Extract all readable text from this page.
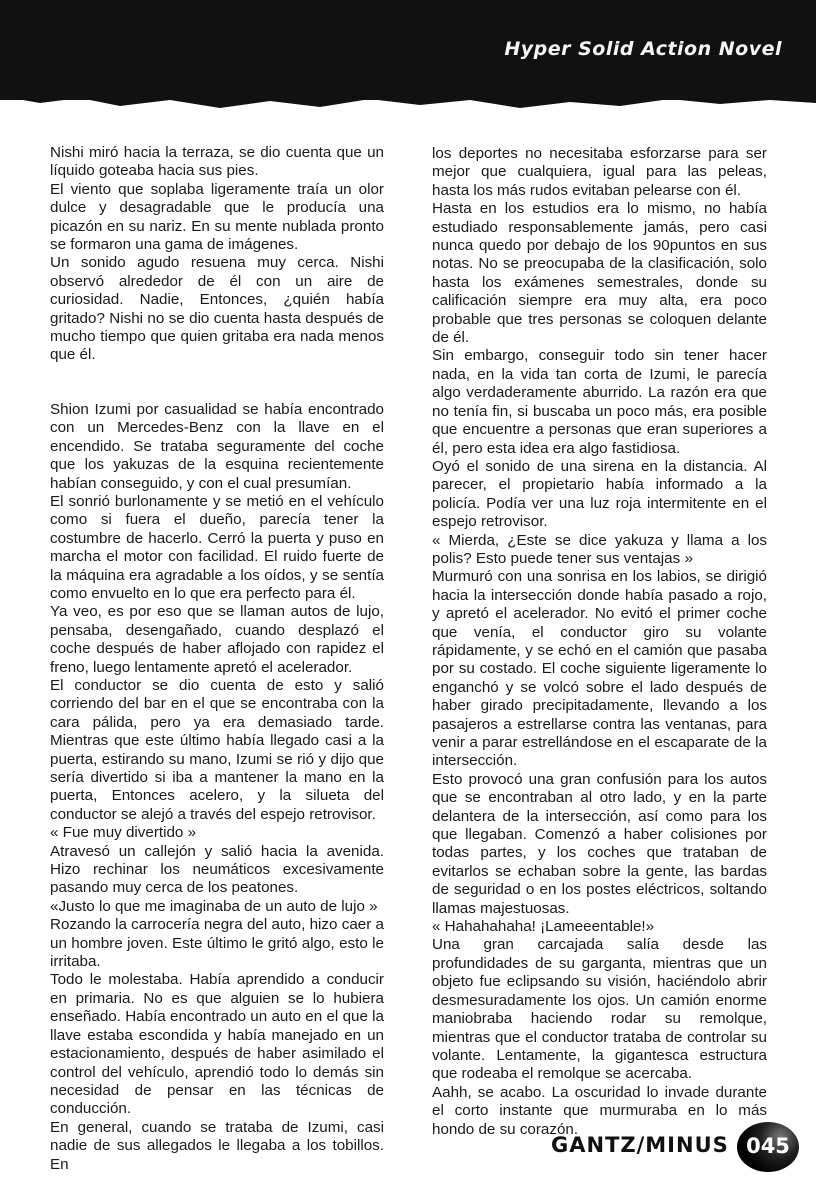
Hyper Solid Action Novel

Nishi miró hacia la terraza, se dio cuenta que un líquido goteaba hacia sus pies.

El viento que soplaba ligeramente traía un olor dulce y desagradable que le producía una picazón en su nariz. En su mente nublada pronto se formaron una gama de imágenes.

Un sonido agudo resuena muy cerca. Nishi observó alrededor de él con un aire de curiosidad. Nadie, Entonces, ¿quién había gritado? Nishi no se dio cuenta hasta después de mucho tiempo que quien gritaba era nada menos que él.

Shion Izumi por casualidad se había encontrado con un Mercedes-Benz con la llave en el encendido. Se trataba seguramente del coche que los yakuzas de la esquina recientemente habían conseguido, y con el cual presumían.

El sonrió burlonamente y se metió en el vehículo como si fuera el dueño, parecía tener la costumbre de hacerlo. Cerró la puerta y puso en marcha el motor con facilidad. El ruido fuerte de la máquina era agradable a los oídos, y se sentía como envuelto en lo que era perfecto para él.

Ya veo, es por eso que se llaman autos de lujo, pensaba, desengañado, cuando desplazó el coche después de haber aflojado con rapidez el freno, luego lentamente apretó el acelerador.

El conductor se dio cuenta de esto y salió corriendo del bar en el que se encontraba con la cara pálida, pero ya era demasiado tarde. Mientras que este último había llegado casi a la puerta, estirando su mano, Izumi se rió y dijo que sería divertido si iba a mantener la mano en la puerta, Entonces acelero, y la silueta del conductor se alejó a través del espejo retrovisor.

« Fue muy divertido »

Atravesó un callejón y salió hacia la avenida. Hizo rechinar los neumáticos excesivamente pasando muy cerca de los peatones.

«Justo lo que me imaginaba de un auto de lujo »

Rozando la carrocería negra del auto, hizo caer a un hombre joven. Este último le gritó algo, esto le irritaba.

Todo le molestaba. Había aprendido a conducir en primaria. No es que alguien se lo hubiera enseñado. Había encontrado un auto en el que la llave estaba escondida y había manejado en un estacionamiento, después de haber asimilado el control del vehículo, aprendió todo lo demás sin necesidad de pensar en las técnicas de conducción.

En general, cuando se trataba de Izumi, casi nadie de sus allegados le llegaba a los tobillos. En

los deportes no necesitaba esforzarse para ser mejor que cualquiera, igual para las peleas, hasta los más rudos evitaban pelearse con él.

Hasta en los estudios era lo mismo, no había estudiado responsablemente jamás, pero casi nunca quedo por debajo de los 90puntos en sus notas. No se preocupaba de la clasificación, solo hasta los exámenes semestrales, donde su calificación siempre era muy alta, era poco probable que tres personas se coloquen delante de él.

Sin embargo, conseguir todo sin tener hacer nada, en la vida tan corta de Izumi, le parecía algo verdaderamente aburrido. La razón era que no tenía fin, si buscaba un poco más, era posible que encuentre a personas que eran superiores a él, pero esta idea era algo fastidiosa.

Oyó el sonido de una sirena en la distancia. Al parecer, el propietario había informado a la policía. Podía ver una luz roja intermitente en el espejo retrovisor.

« Mierda, ¿Este se dice yakuza y llama a los polis? Esto puede tener sus ventajas »

Murmuró con una sonrisa en los labios, se dirigió hacia la intersección donde había pasado a rojo, y apretó el acelerador. No evitó el primer coche que venía, el conductor giro su volante rápidamente, y se echó en el camión que pasaba por su costado. El coche siguiente ligeramente lo enganchó y se volcó sobre el lado después de haber girado precipitadamente, llevando a los pasajeros a estrellarse contra las ventanas, para venir a parar estrellándose en el escaparate de la intersección.

Esto provocó una gran confusión para los autos que se encontraban al otro lado, y en la parte delantera de la intersección, así como para los que llegaban. Comenzó a haber colisiones por todas partes, y los coches que trataban de evitarlos se echaban sobre la gente, las bardas de seguridad o en los postes eléctricos, soltando llamas majestuosas.

« Hahahahaha! ¡Lameeentable!»

Una gran carcajada salía desde las profundidades de su garganta, mientras que un objeto fue eclipsando su visión, haciéndolo abrir desmesuradamente los ojos. Un camión enorme maniobraba haciendo rodar su remolque, mientras que el conductor trataba de controlar su volante. Lentamente, la gigantesca estructura que rodeaba el remolque se acercaba.

Aahh, se acabo. La oscuridad lo invade durante el corto instante que murmuraba en lo más hondo de su corazón.

GANTZ/MINUS 045
